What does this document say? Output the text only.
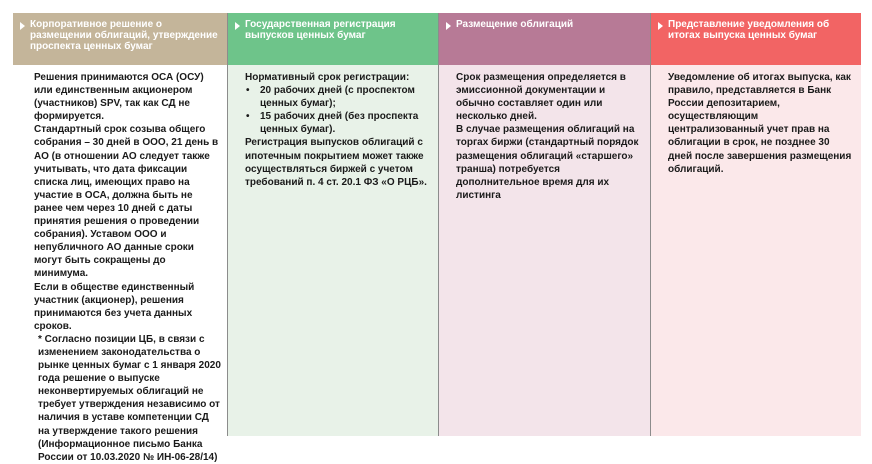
Корпоративное решение о размещении облигаций, утверждение проспекта ценных бумаг

Решения принимаются ОСА (ОСУ) или единственным акционером (участников) SPV, так как СД не формируется.

Стандартный срок созыва общего собрания – 30 дней в ООО, 21 день в АО (в отношении АО следует также учитывать, что дата фиксации списка лиц, имеющих право на участие в ОСА, должна быть не ранее чем через 10 дней с даты принятия решения о проведении собрания). Уставом ООО и непубличного АО данные сроки могут быть сокращены до минимума.

Если в обществе единственный участник (акционер), решения принимаются без учета данных сроков.

* Согласно позиции ЦБ, в связи с изменением законодательства о рынке ценных бумаг с 1 января 2020 года решение о выпуске неконвертируемых облигаций не требует утверждения независимо от наличия в уставе компетенции СД на утверждение такого решения (Информационное письмо Банка России от 10.03.2020 № ИН-06-28/14)

Государственная регистрация выпусков ценных бумаг

Нормативный срок регистрации:

• 20 рабочих дней (с проспектом ценных бумаг);
• 15 рабочих дней (без проспекта ценных бумаг).

Регистрация выпусков облигаций с ипотечным покрытием может также осуществляться биржей с учетом требований п. 4 ст. 20.1 ФЗ «О РЦБ».

Размещение облигаций

Срок размещения определяется в эмиссионной документации и обычно составляет один или несколько дней.

В случае размещения облигаций на торгах биржи (стандартный порядок размещения облигаций «старшего» транша) потребуется дополнительное время для их листинга

Представление уведомления об итогах выпуска ценных бумаг

Уведомление об итогах выпуска, как правило, представляется в Банк России депозитарием, осуществляющим централизованный учет прав на облигации в срок, не позднее 30 дней после завершения размещения облигаций.
